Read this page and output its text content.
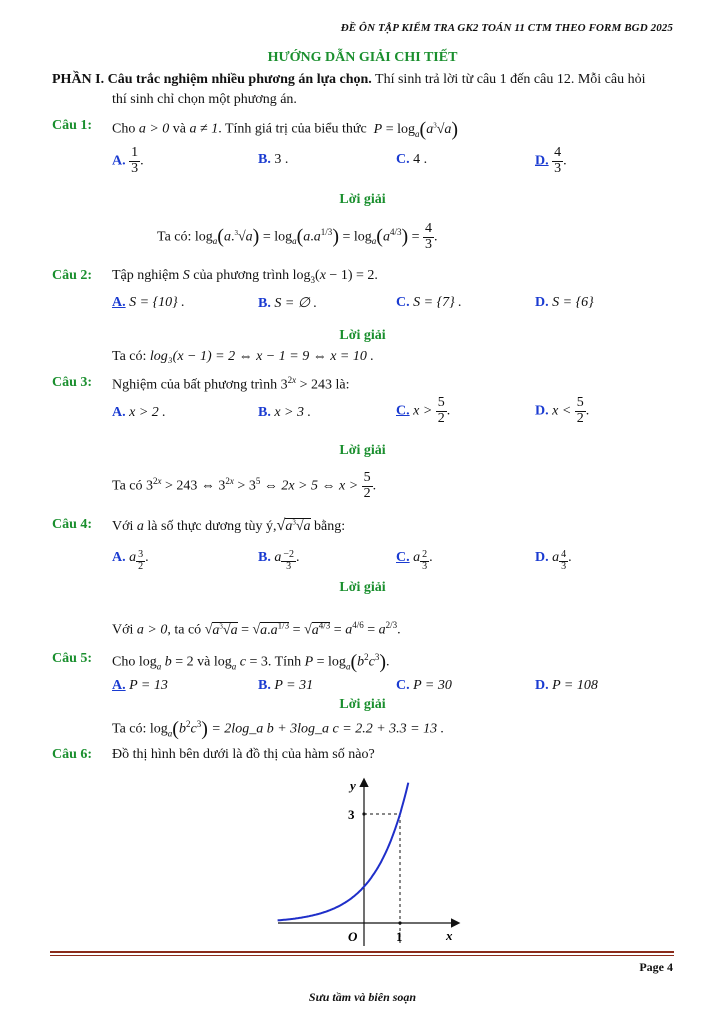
ĐỀ ÔN TẬP KIỂM TRA GK2 TOÁN 11 CTM THEO FORM BGD 2025
HƯỚNG DẪN GIẢI CHI TIẾT
PHẦN I. Câu trắc nghiệm nhiều phương án lựa chọn. Thí sinh trả lời từ câu 1 đến câu 12. Mỗi câu hỏi
thí sinh chỉ chọn một phương án.
Câu 1: Cho a > 0 và a ≠ 1. Tính giá trị của biểu thức $P = \log_a(a^3√a)$
A. $\frac{1}{3}$ .	B. 3 .	C. 4 .	D. $\frac{4}{3}$ .
Lời giải
Ta có: $\log_a(a.^3√a) = \log_a(a.a^{1/3}) = \log_a(a^{4/3}) = \frac{4}{3}$ .
Câu 2: Tập nghiệm S của phương trình $\log_3(x - 1) = 2$.
A. S = {10} .	B. S = ∅ .	C. S = {7} .	D. S = {6}
Lời giải
Ta có: log₃(x − 1) = 2 ⇔ x − 1 = 9 ⇔ x = 10 .
Câu 3: Nghiệm của bất phương trình $3^{2x} > 243$ là:
A. x > 2 .	B. x > 3 .	C. $x > \frac{5}{2}$ .	D. $x < \frac{5}{2}$ .
Lời giải
Ta có $3^{2x} > 243$ ⇔ $3^{2x} > 3^5$ ⇔ 2x > 5 ⇔ $x > \frac{5}{2}$ .
Câu 4: Với a là số thực dương tùy $ý,√a^3√a$ bằng:
A. a $\frac{3}{2}$ .	B. a $\frac{-2}{3}$ .	C. a $\frac{2}{3}$ .	D. a $\frac{4}{3}$ .
Lời giải
Với a > 0, ta có $√a^3√a = √a.a^{1/3} = √a^{4/3} = a^{4/6} = a^{2/3}$.
Câu 5: Cho $\log_a b = 2$ và $\log_a c = 3$. Tính $P = \log_a(b^2c^3)$.
A. P = 13	B. P = 31	C. P = 30	D. P = 108
Lời giải
Ta có: $\log_a(b^2c^3)$ = 2log_a b + 3log_a c = 2.2 + 3.3 = 13 .
Câu 6: Đồ thị hình bên dưới là đồ thị của hàm số nào?
y
x
O	1
3
Page 4
Sưu tầm và biên soạn
